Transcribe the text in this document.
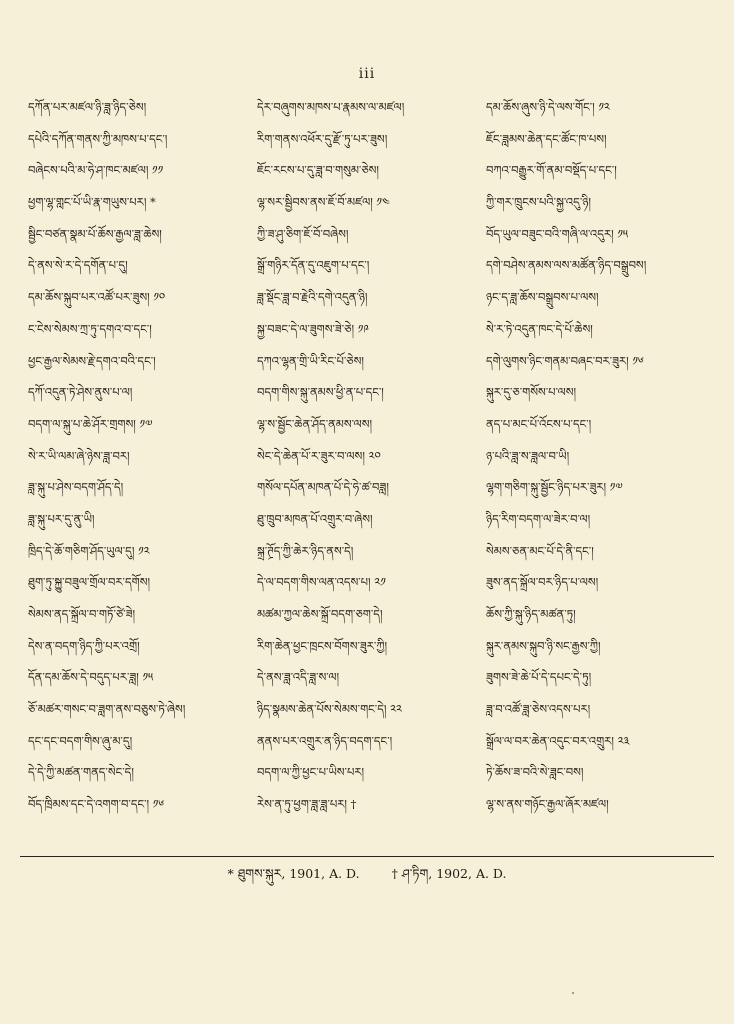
iii
དཀོན་པར་མཛལ་ཉི་ཟླ་ཉིད་ཅེས།
དཔེའི་དཀོན་གནས་ཀྱི་མཁས་པ་དང་།
བཞེངས་པའི་མ་ཧེ་ཤ་ཁང་མཛལ། ༡༡
ཕྱག་ལྷ་གླང་པོ་ཡི་རྣ་གཡུས་པར། *
སྦྱིང་བཙན་སྣམ་པོ་ཆོས་རྒྱལ་ཟླ་ཆེས།
དེ་ནས་སེ་ར་དེ་དགོན་པ་དུ།
དམ་ཆོས་སྐུབ་པར་འཚོ་པར་ཟུས། ༡༠
ང་ངེས་སེམས་ཀྲ་ཏུ་དགའ་བ་དང་།
ཕྱང་རྒྱལ་སེམས་རྗེ་དགའ་བའི་དང་།
དཀོ་འདུན་ཏེ་ཤེས་ནུས་པ་ལ།
བདག་ལ་སྐུ་པ་ཆེ་ཤོར་གྲགས། ༡༧
སེ་ར་ཡི་ལམ་ཞེ་ཉེས་ཟླ་བར།
ཟླ་སྐུ་པ་ཤེས་བདག་ཤོད་དེ།
ཟླ་སྐུ་པར་དུ་ནུ་ཡི།
ཁྲིད་དེ་ཆོ་གཅིག་ཤོད་ཡུལ་དུ། ༡༢
ཐུག་ཏུ་སྐྱུ་བཟུལ་གྲོལ་བར་དགོས།
སེམས་ནད་སྐྲོལ་བ་གཏོ་ཙེ་ཟེ།
དེས་ན་བདག་ཉིད་ཀྱི་པར་འགྲོ།
དོན་དམ་ཆོས་དེ་བདུད་པར་ཟླ། ༡༥
ཅོ་མཚར་གསང་བ་ཟླག་ནས་བཅུས་ཏེ་ཞེས།
དང་དང་བདག་གིས་ཞུ་མ་དུ།
དེ་དེ་ཀྱི་མཚན་གནད་སེང་དེ།
བོད་ཁྲིམས་དང་དེ་འགག་བ་དང་། ༡༦
དེར་བཞུགས་མཁས་པ་རྣམས་ལ་མཛལ།
རིག་གནས་འཕོར་དུ་རྫོ་ཏུ་པར་ཟུས།
ཇོང་རངས་པ་དུ་ཟླ་བ་གསུམ་ཅེས།
ལྷ་སར་སྦྱིབས་ནས་ཇོ་བོ་མཛལ། ༡༤
ཀྱི་ཟ་ཤུ་ཅིག་ཇོ་བོ་བཞེས།
སྒྲོ་གཉིར་དོན་དུ་འཇུག་པ་དང་།
ཟླ་སྡོང་ཟླ་བ་རྗེའི་དགེ་འདུན་ཉི།
སྐྱ་བཟང་དེ་ལ་ཟུགས་ཟེ་ཅེ། ༡༩
དཀའ་ལྷན་གྲི་ཡི་རིང་པོ་ཅེས།
བདག་གིས་སྐུ་ནམས་ཕྱི་ན་པ་དང་།
ལྷ་ས་སྦྱོང་ཆེན་ཤོད་ནམས་ལས།
སེང་དེ་ཆེན་པོ་ར་ཟུར་བ་ལས། ༢༠
གསོལ་དཔོན་མཁན་པོ་དེ་ཧེ་ཚ་བཟླ།
ཐུ་ཁྲུབ་མཁན་པོ་འགྲུར་བ་ཞེས།
སྐྲ་ཊྲོད་ཀྱི་ཆེར་ཉིད་ནས་དེ།
དེ་ལ་བདག་གིས་ལན་འདས་པ། ༢༡
མཚམ་ཀྱལ་ཆེས་སྐྲོ་བདག་ཅག་དེ།
རིག་ཆེན་ཕྱང་ཁྲངས་བོགས་ཟུར་ཀྱི།
དེ་ནས་ཟླ་འདི་ཟླ་ས་ལ།
ཉིད་སྣམས་ཆེན་པོས་སེམས་གང་དེ། ༢༢
ནནས་པར་འགྲུར་ན་ཉིད་བདག་དང་།
བདག་ལ་ཀྱི་ཕྱང་པ་ཡིས་པར།
རེས་ན་ཏུ་ཕྱག་ཟླ་ཟླ་པར། †
དམ་ཆོས་ཞུས་ཉི་དེ་ལས་གོང་། ༡༢
ཇོང་ཟླམས་ཆེན་དང་ཚོང་ཁ་པས།
བཀའ་བརྒྱུར་གོ་ནམ་བསྡོད་པ་དང་།
ཀྱི་གར་ཁྲུངས་པའི་སྐྱ་འདུ་ཉི།
བོད་ཡུལ་བཟུང་བའི་གཞི་ལ་འདུར། ༡༥
དགེ་བཤེས་ནམས་ལས་མཚོན་ཉིད་བསྒྲུབས།
ཉང་ད་ཟླ་ཆོས་བསྒྲུབས་པ་ལས།
སེ་ར་ཏེ་འདུན་ཁང་དེ་པོ་ཆེས།
དགེ་ལུགས་ཉིང་གནམ་བཞང་བར་ཟུར། ༡༦
སྐུར་དུ་ཅ་གསོས་པ་ལས།
ནད་པ་མང་པོ་འོངས་པ་དང་།
ཉ་པའི་ཟླ་ས་ཟླལ་བ་ཡི།
ལྷག་གཅིག་སྐུ་སྦྱོང་ཉིད་པར་ཟུར། ༡༧
ཉིད་རིག་བདག་ལ་ཟེར་བ་ལ།
སེམས་ཅན་མང་པོ་དེ་ནི་དང་།
ཟུས་ནད་སྐྲོལ་བར་ཉིད་པ་ལས།
ཆོས་ཀྱི་སྐུ་ཉིད་མཚན་ཏུ།
སྐུར་ནམས་སྐུབ་ཉི་སང་རྒྱས་ཀྱི།
ཟུགས་ཟེ་ཆེ་པོ་དེ་དཔང་དེ་ཏུ།
ཟླ་བ་འཚོ་ཟླ་ཅེས་འདས་པར།
སྒྲོལ་ལ་བར་ཆེན་འདུང་བར་འགྲུར། ༢༣
ཏེ་ཆོས་ཟ་བའི་སེ་ཟླང་བས།
ལྷ་ས་ནས་གཉོང་རྒྱལ་ཞོར་མཛལ།
* ཐུགས་སྐུར, 1901, A. D.	† ཤ་ཏིག, 1902, A. D.
